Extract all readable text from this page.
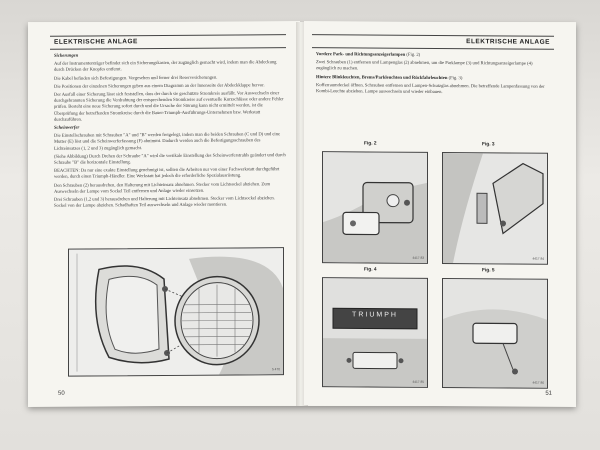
ELEKTRISCHE ANLAGE

Sicherungen

Auf der Instrumententräger befindet sich ein Sicherungskasten, der zugänglich gemacht wird, indem man die Abdeckung durch Drücken der Knopfes entfernt.

Die Kabel befinden sich Befestigungen. Vorgesehen und ferner drei Reservesicherungen.

Die Positionen der einzelnen Sicherungen geben aus einem Diagramm an der Innenseite der Abdeckklappe hervor.

Der Ausfall einer Sicherung lässt sich feststellen, dass der durch sie geschützte Stromkreis ausfällt. Vor Auswechseln einer durchgebrannten Sicherung die Verdrahtung der entsprechenden Stromkreise auf eventuelle Kurzschlüsse oder andere Fehler prüfen. Besteht eine neue Sicherung sofort durch und die Ursache der Störung kann nicht ermittelt werden, ist die Überprüfung der betreffenden Stromkreise durch die Bauer-Triumph-Ausführungs-Unternehmen bzw. Werkstatt durchzuführen.

Scheinwerfer

Die Einstellschrauben mit Schrauben "A" und "B" werden freigelegt, indem man die beiden Schrauben (C und D) und eine Mutter (E) löst und die Scheinwerferfassung (F) abnimmt. Dadurch werden auch die Befestigungsschrauben des Lichteinsatzes (1, 2 und 3) zugänglich gemacht.

(Siehe Abbildung) Durch Drehen der Schraube "A" wird die vertikale Einstellung des Scheinwerferstrahls geändert und durch Schraube "B" die horizontale Einstellung.

BEACHTEN: Da nur eine exakte Einstellung genehmigt ist, sollten die Arbeiten nur von einer Fachwerkstatt durchgeführt werden, durch einen Triumph-Händler. Eine Werkstatt hat jedoch die erforderliche Spezialausrüstung.

Den Schrauben (2) herausdrehen, den Halterung mit Lichteinsatz abnehmen. Stecker vom Lichtsockel abziehen. Zum Auswechseln der Lampe vom Sockel Teil entfernen und Anlage wieder einsetzen.

Drei Schrauben (1,2 und 3) herausdrehen und Halterung mit Lichteinsatz abnehmen. Stecker vom Lichtsockel abziehen. Sockel von der Lampe abziehen. Schadhaften Teil auswechseln und Anlage wieder montieren.

5 470
50
ELEKTRISCHE ANLAGE

Vordere Park- und Richtungsanzeigerlampen (Fig. 2)

Zwei Schrauben (1) entfernen und Lampenglas (2) abnehmen, um die Parklampe (3) und Richtungsanzeigerlampe (4) zugänglich zu machen.

Hintere Blinkleuchten, Brems/Parkleuchten und Rückfahrleuchten (Fig. 3)

Kofferraumdeckel öffnen. Schrauben entfernen und Lampen-Schutzglas abnehmen. Die betreffende Lampenfassung von der Kombi-Leuchte abziehen. Lampe auswechseln und wieder einbauen.

Fig. 2
4417 83
Fig. 3
4417 84
Fig. 4
TRIUMPH
4417 85
Fig. 5
4417 86
51
